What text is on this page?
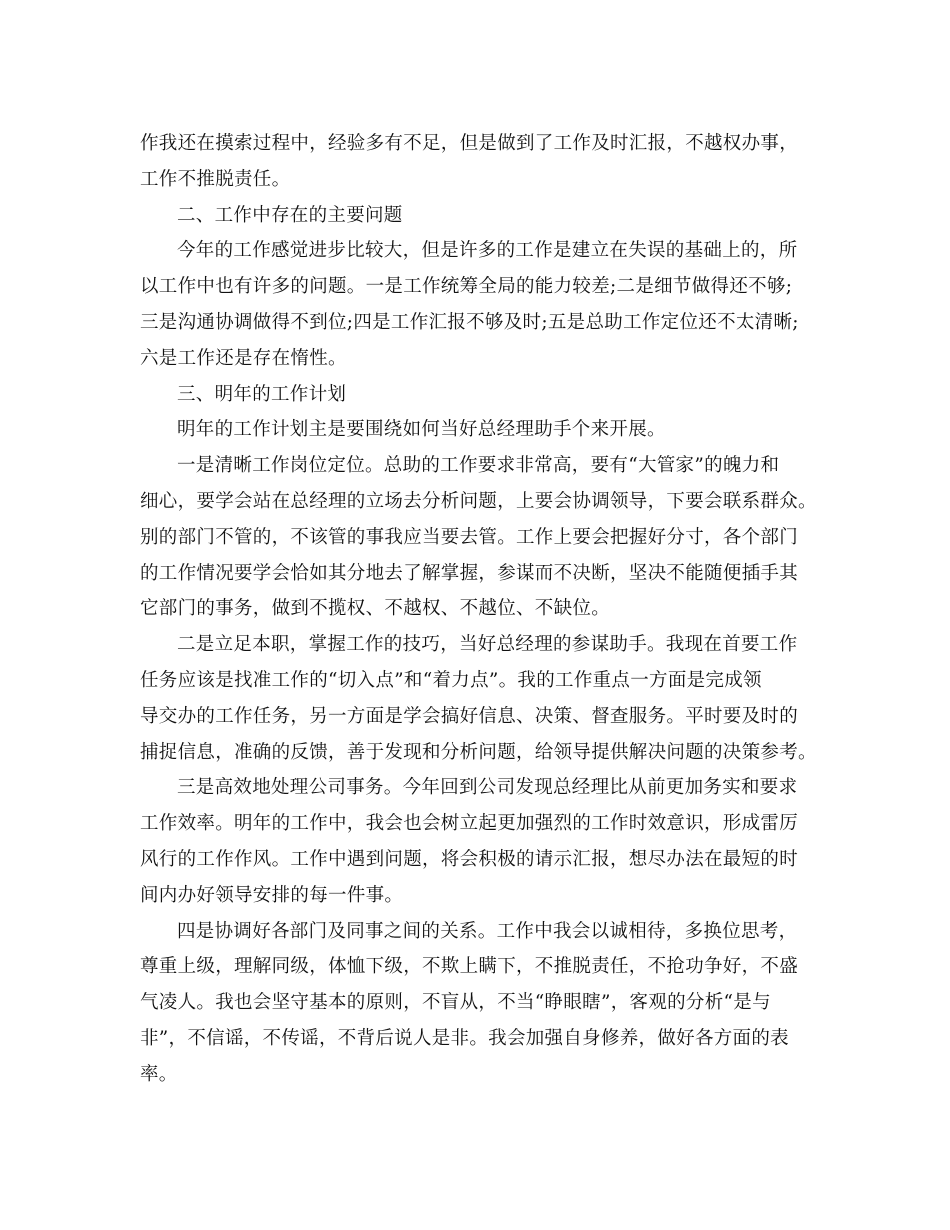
作我还在摸索过程中，经验多有不足，但是做到了工作及时汇报，不越权办事，
工作不推脱责任。
二、工作中存在的主要问题
今年的工作感觉进步比较大，但是许多的工作是建立在失误的基础上的，所
以工作中也有许多的问题。一是工作统筹全局的能力较差;二是细节做得还不够;
三是沟通协调做得不到位;四是工作汇报不够及时;五是总助工作定位还不太清晰;
六是工作还是存在惰性。
三、明年的工作计划
明年的工作计划主是要围绕如何当好总经理助手个来开展。
一是清晰工作岗位定位。总助的工作要求非常高，要有“大管家”的魄力和
细心，要学会站在总经理的立场去分析问题，上要会协调领导，下要会联系群众。
别的部门不管的，不该管的事我应当要去管。工作上要会把握好分寸，各个部门
的工作情况要学会恰如其分地去了解掌握，参谋而不决断，坚决不能随便插手其
它部门的事务，做到不揽权、不越权、不越位、不缺位。
二是立足本职，掌握工作的技巧，当好总经理的参谋助手。我现在首要工作
任务应该是找准工作的“切入点”和“着力点”。我的工作重点一方面是完成领
导交办的工作任务，另一方面是学会搞好信息、决策、督查服务。平时要及时的
捕捉信息，准确的反馈，善于发现和分析问题，给领导提供解决问题的决策参考。
三是高效地处理公司事务。今年回到公司发现总经理比从前更加务实和要求
工作效率。明年的工作中，我会也会树立起更加强烈的工作时效意识，形成雷厉
风行的工作作风。工作中遇到问题，将会积极的请示汇报，想尽办法在最短的时
间内办好领导安排的每一件事。
四是协调好各部门及同事之间的关系。工作中我会以诚相待，多换位思考，
尊重上级，理解同级，体恤下级，不欺上瞒下，不推脱责任，不抢功争好，不盛
气凌人。我也会坚守基本的原则，不盲从，不当“睁眼瞎”，客观的分析“是与
非”，不信谣，不传谣，不背后说人是非。我会加强自身修养，做好各方面的表
率。
